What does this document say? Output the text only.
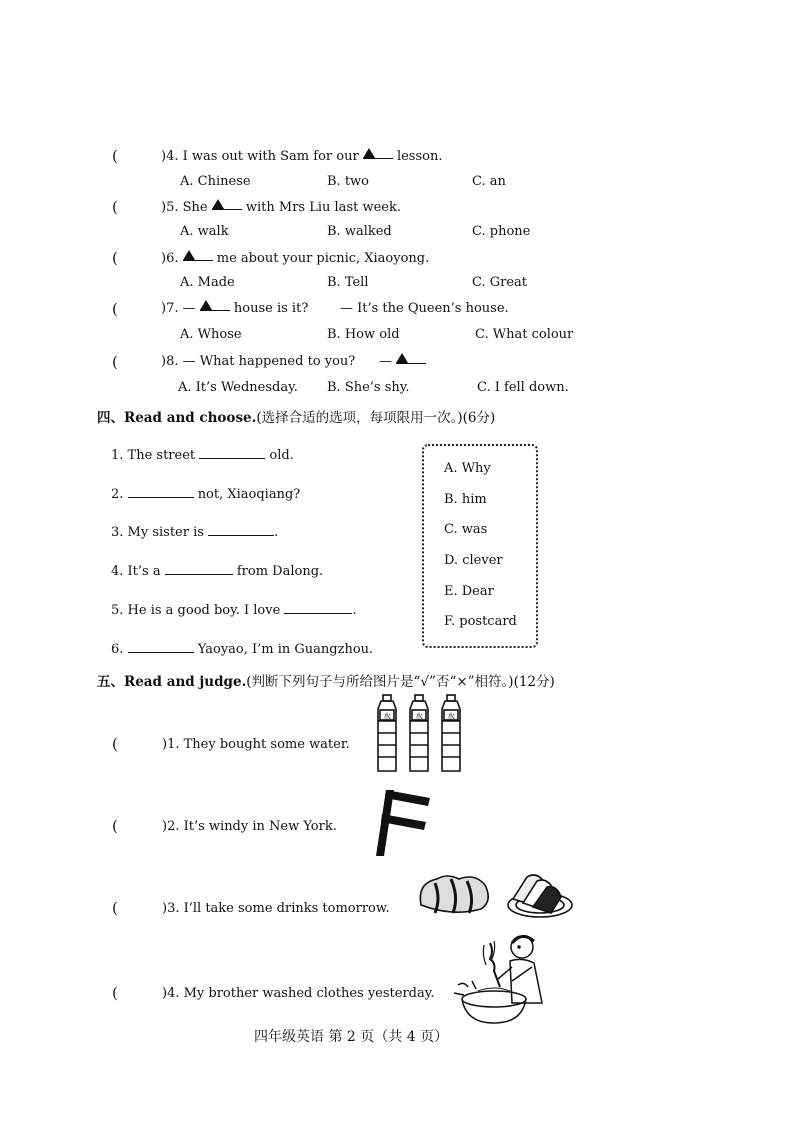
(	)4. I was out with Sam for our	lesson.
A. Chinese	B. two	C. an
(	)5. She	with Mrs Liu last week.
A. walk	B. walked	C. phone
(	)6.	me about your picnic, Xiaoyong.
A. Made	B. Tell	C. Great
(	)7. —	house is it? — It’s the Queen’s house.
A. Whose	B. How old	C. What colour
(	)8. — What happened to you? —
A. It’s Wednesday. B. She’s shy.	C. I fell down.
四、Read and choose.(选择合适的选项，每项限用一次。)(6分)
1. The street	old.
2.	not, Xiaoqiang?
3. My sister is	.
4. It’s a	from Dalong.
5. He is a good boy. I love	.
6.	Yaoyao, I’m in Guangzhou.
A. Why
B. him
C. was
D. clever
E. Dear
F. postcard
五、Read and judge.(判断下列句子与所给图片是“√”否“×”相符。)(12分)
(	)1. They bought some water.
水	水	水
(	)2. It’s windy in New York.
(	)3. I’ll take some drinks tomorrow.
(	)4. My brother washed clothes yesterday.
四年级英语 第 2 页（共 4 页）
